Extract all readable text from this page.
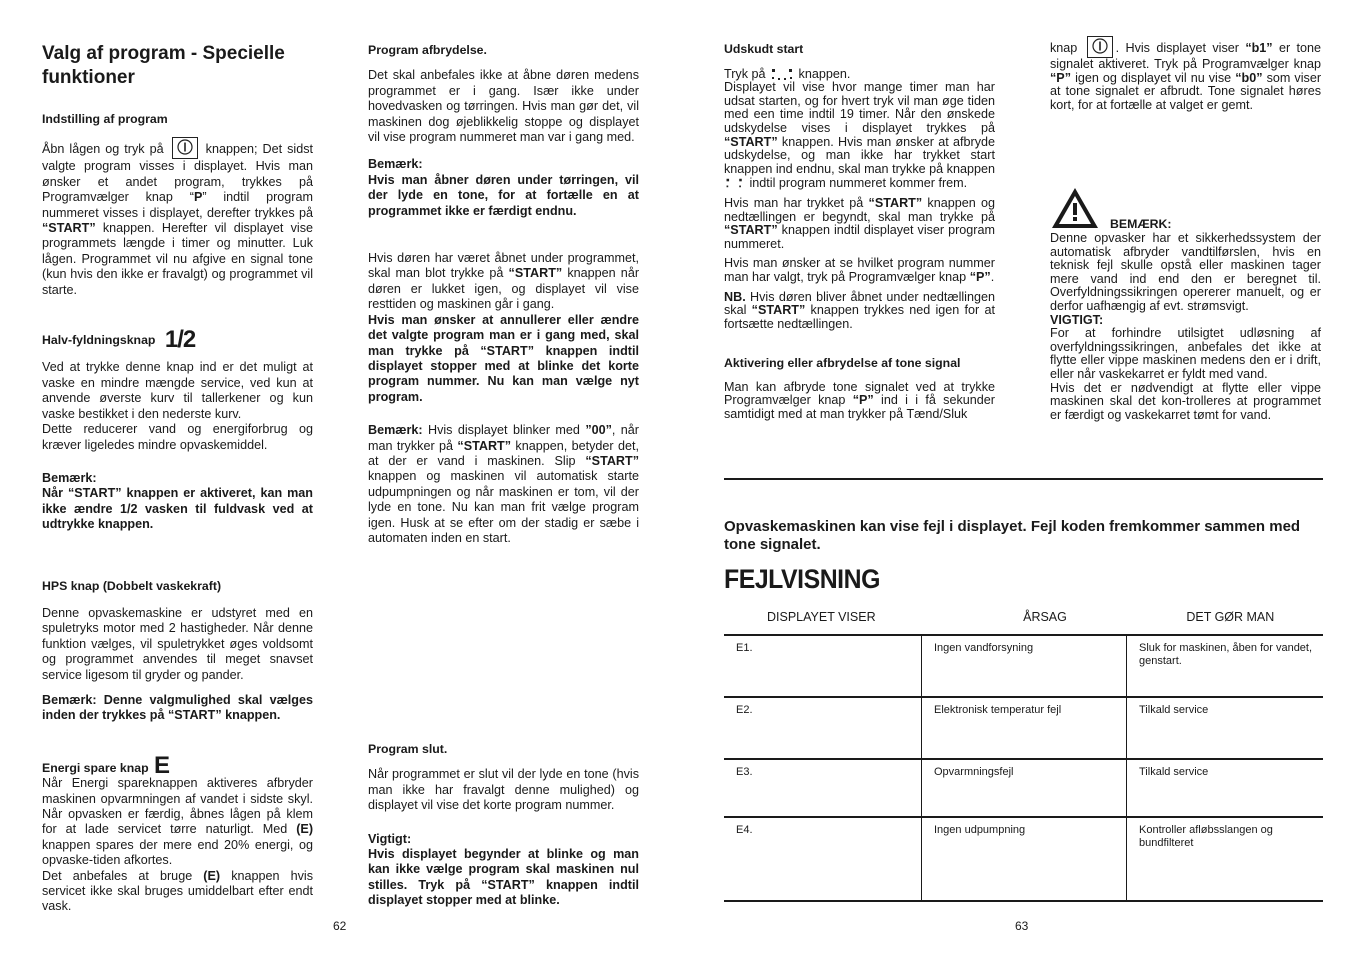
Valg af program - Specielle funktioner

Indstilling af program

Åbn lågen og tryk på	knappen; Det sidst valgte program visses i displayet. Hvis man ønsker et andet program, trykkes på Programvælger knap “P” indtil program nummeret visses i displayet, derefter trykkes på “START” knappen. Herefter vil displayet vise programmets længde i timer og minutter. Luk lågen. Programmet vil nu afgive en signal tone (kun hvis den ikke er fravalgt) og programmet vil starte.

Halv-fyldningsknap 1/2

Ved at trykke denne knap ind er det muligt at vaske en mindre mængde service, ved kun at anvende øverste kurv til tallerkener og kun vaske bestikket i den nederste kurv.

Dette reducerer vand og energiforbrug og kræver ligeledes mindre opvaskemiddel.

Bemærk:

Når “START” knappen er aktiveret, kan man ikke ændre 1/2 vasken til fuldvask ved at udtrykke knappen.

HPS knap (Dobbelt vaskekraft)

Denne opvaskemaskine er udstyret med en spuletryks motor med 2 hastigheder. Når denne funktion vælges, vil spuletrykket øges voldsomt og programmet anvendes til meget snavset service ligesom til gryder og pander.

Bemærk: Denne valgmulighed skal vælges inden der trykkes på “START” knappen.

Energi spare knap E

Når Energi spareknappen aktiveres afbryder maskinen opvarmningen af vandet i sidste skyl. Når opvasken er færdig, åbnes lågen på klem for at lade servicet tørre naturligt. Med (E) knappen spares der mere end 20% energi, og opvaske-tiden afkortes.

Det anbefales at bruge (E) knappen hvis servicet ikke skal bruges umiddelbart efter endt vask.

Program afbrydelse.

Det skal anbefales ikke at åbne døren medens programmet er i gang. Især ikke under hovedvasken og tørringen. Hvis man gør det, vil maskinen dog øjeblikkelig stoppe og displayet vil vise program nummeret man var i gang med.

Bemærk:

Hvis man åbner døren under tørringen, vil der lyde en tone, for at fortælle en at programmet ikke er færdigt endnu.

Hvis døren har været åbnet under programmet, skal man blot trykke på “START” knappen når døren er lukket igen, og displayet vil vise resttiden og maskinen går i gang.

Hvis man ønsker at annullerer eller ændre det valgte program man er i gang med, skal man trykke på “START” knappen indtil displayet stopper med at blinke det korte program nummer. Nu kan man vælge nyt program.

Bemærk: Hvis displayet blinker med ”00”, når man trykker på “START” knappen, betyder det, at der er vand i maskinen. Slip “START” knappen og maskinen vil automatisk starte udpumpningen og når maskinen er tom, vil der lyde en tone. Nu kan man frit vælge program igen. Husk at se efter om der stadig er sæbe i automaten inden en start.

Program slut.

Når programmet er slut vil der lyde en tone (hvis man ikke har fravalgt denne mulighed) og displayet vil vise det korte program nummer.

Vigtigt:

Hvis displayet begynder at blinke og man kan ikke vælge program skal maskinen nul stilles. Tryk på “START” knappen indtil displayet stopper med at blinke.

62

Udskudt start

Tryk på	knappen.

Displayet vil vise hvor mange timer man har udsat starten, og for hvert tryk vil man øge tiden med een time indtil 19 timer. Når den ønskede udskydelse vises i displayet trykkes på “START” knappen. Hvis man ønsker at afbryde udskydelse, og man ikke har trykket start knappen ind endnu, skal man trykke på knappen  indtil program nummeret kommer frem.

Hvis man har trykket på “START” knappen og nedtællingen er begyndt, skal man trykke på “START” knappen indtil displayet viser program nummeret.

Hvis man ønsker at se hvilket program nummer man har valgt, tryk på Programvælger knap “P”.

NB. Hvis døren bliver åbnet under nedtællingen skal “START” knappen trykkes ned igen for at fortsætte nedtællingen.

Aktivering eller afbrydelse af tone signal

Man kan afbryde tone signalet ved at trykke Programvælger knap “P” ind i i få sekunder samtidigt med at man trykker på Tænd/Sluk

knap	. Hvis displayet viser “b1” er tone signalet aktiveret. Tryk på Programvælger knap “P” igen og displayet vil nu vise “b0” som viser at tone signalet er afbrudt. Tone signalet høres kort, for at fortælle at valget er gemt.

BEMÆRK:

Denne opvasker har et sikkerhedssystem der automatisk afbryder vandtilførslen, hvis en teknisk fejl skulle opstå eller maskinen tager mere vand ind end den er beregnet til. Overfyldningssikringen opererer manuelt, og er derfor uafhængig af evt. strømsvigt.

VIGTIGT:

For at forhindre utilsigtet udløsning af overfyldningssikringen, anbefales det ikke at flytte eller vippe maskinen medens den er i drift, eller når vaskekarret er fyldt med vand.

Hvis det er nødvendigt at flytte eller vippe maskinen skal det kon-trolleres at programmet er færdigt og vaskekarret tømt for vand.

Opvaskemaskinen kan vise fejl i displayet. Fejl koden fremkommer sammen med tone signalet.

FEJLVISNING
DISPLAYET VISER	ÅRSAG	DET GØR MAN
E1.	Ingen vandforsyning	Sluk for maskinen, åben for vandet, genstart.
E2.	Elektronisk temperatur fejl	Tilkald service
E3.	Opvarmningsfejl	Tilkald service
E4.	Ingen udpumpning	Kontroller afløbsslangen og bundfilteret
63
